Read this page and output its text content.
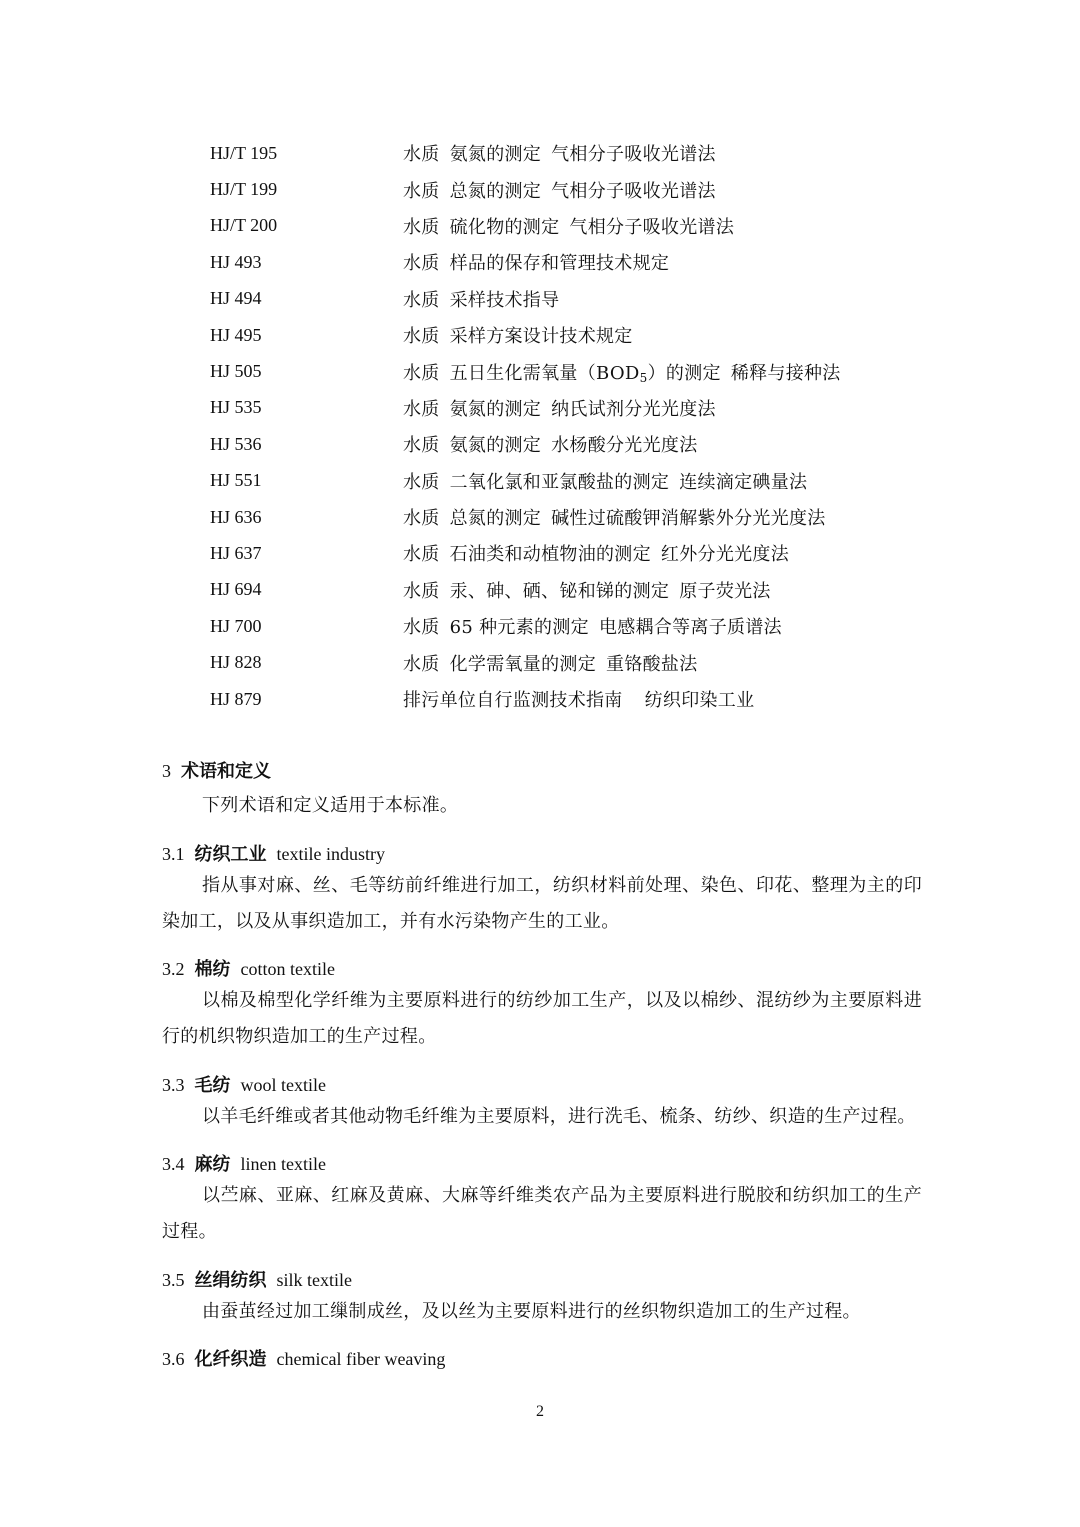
HJ/T 195	水质 氨氮的测定 气相分子吸收光谱法
HJ/T 199	水质 总氮的测定 气相分子吸收光谱法
HJ/T 200	水质 硫化物的测定 气相分子吸收光谱法
HJ 493	水质 样品的保存和管理技术规定
HJ 494	水质 采样技术指导
HJ 495	水质 采样方案设计技术规定
HJ 505	水质 五日生化需氧量$(BOD_5)$的测定 稀释与接种法
HJ 535	水质 氨氮的测定 纳氏试剂分光光度法
HJ 536	水质 氨氮的测定 水杨酸分光光度法
HJ 551	水质 二氧化氯和亚氯酸盐的测定 连续滴定碘量法
HJ 636	水质 总氮的测定 碱性过硫酸钾消解紫外分光光度法
HJ 637	水质 石油类和动植物油的测定 红外分光光度法
HJ 694	水质 汞、砷、硒、铋和锑的测定 原子荧光法
HJ 700	水质 65 种元素的测定 电感耦合等离子质谱法
HJ 828	水质 化学需氧量的测定 重铬酸盐法
HJ 879	排污单位自行监测技术指南 纺织印染工业
3 术语和定义
下列术语和定义适用于本标准。
3.1 纺织工业 textile industry
指从事对麻、丝、毛等纺前纤维进行加工，纺织材料前处理、染色、印花、整理为主的印染加工，以及从事织造加工，并有水污染物产生的工业。
3.2 棉纺 cotton textile
以棉及棉型化学纤维为主要原料进行的纺纱加工生产，以及以棉纱、混纺纱为主要原料进行的机织物织造加工的生产过程。
3.3 毛纺 wool textile
以羊毛纤维或者其他动物毛纤维为主要原料，进行洗毛、梳条、纺纱、织造的生产过程。
3.4 麻纺 linen textile
以苎麻、亚麻、红麻及黄麻、大麻等纤维类农产品为主要原料进行脱胶和纺织加工的生产过程。
3.5 丝绢纺织 silk textile
由蚕茧经过加工缫制成丝，及以丝为主要原料进行的丝织物织造加工的生产过程。
3.6 化纤织造 chemical fiber weaving
2
